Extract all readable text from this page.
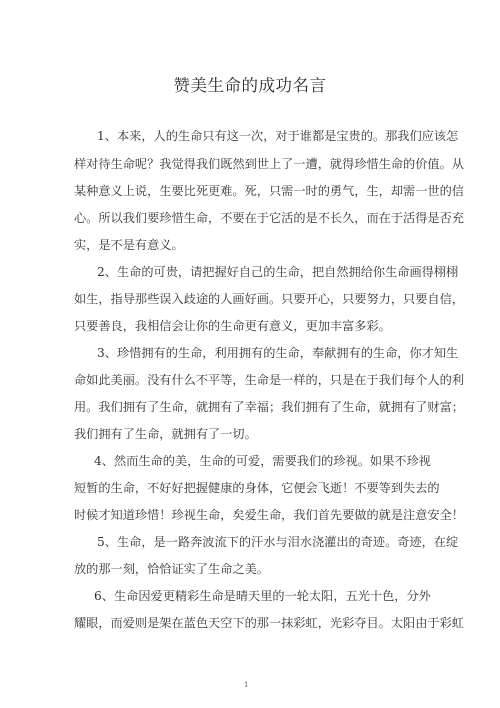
赞美生命的成功名言
1、本来，人的生命只有这一次，对于谁都是宝贵的。那我们应该怎
样对待生命呢？我觉得我们既然到世上了一遭，就得珍惜生命的价值。从
某种意义上说，生要比死更难。死，只需一时的勇气，生，却需一世的信
心。所以我们要珍惜生命，不要在于它活的是不长久，而在于活得是否充
实，是不是有意义。
2、生命的可贵，请把握好自己的生命，把自然拥给你生命画得栩栩
如生，指导那些误入歧途的人画好画。只要开心，只要努力，只要自信，
只要善良，我相信会让你的生命更有意义，更加丰富多彩。
3、珍惜拥有的生命，利用拥有的生命，奉献拥有的生命，你才知生
命如此美丽。没有什么不平等，生命是一样的，只是在于我们每个人的利
用。我们拥有了生命，就拥有了幸福；我们拥有了生命，就拥有了财富；
我们拥有了生命，就拥有了一切。
4、然而生命的美，生命的可爱，需要我们的珍视。如果不珍视
短暂的生命，不好好把握健康的身体，它便会飞逝！不要等到失去的
时候才知道珍惜！珍视生命，矣爱生命，我们首先要做的就是注意安全！
5、生命，是一路奔波流下的汗水与泪水浇灌出的奇迹。奇迹，在绽
放的那一刻，恰恰证实了生命之美。
6、生命因爱更精彩生命是晴天里的一轮太阳，五光十色，分外
耀眼，而爱则是架在蓝色天空下的那一抹彩虹，光彩夺目。太阳由于彩虹
1
